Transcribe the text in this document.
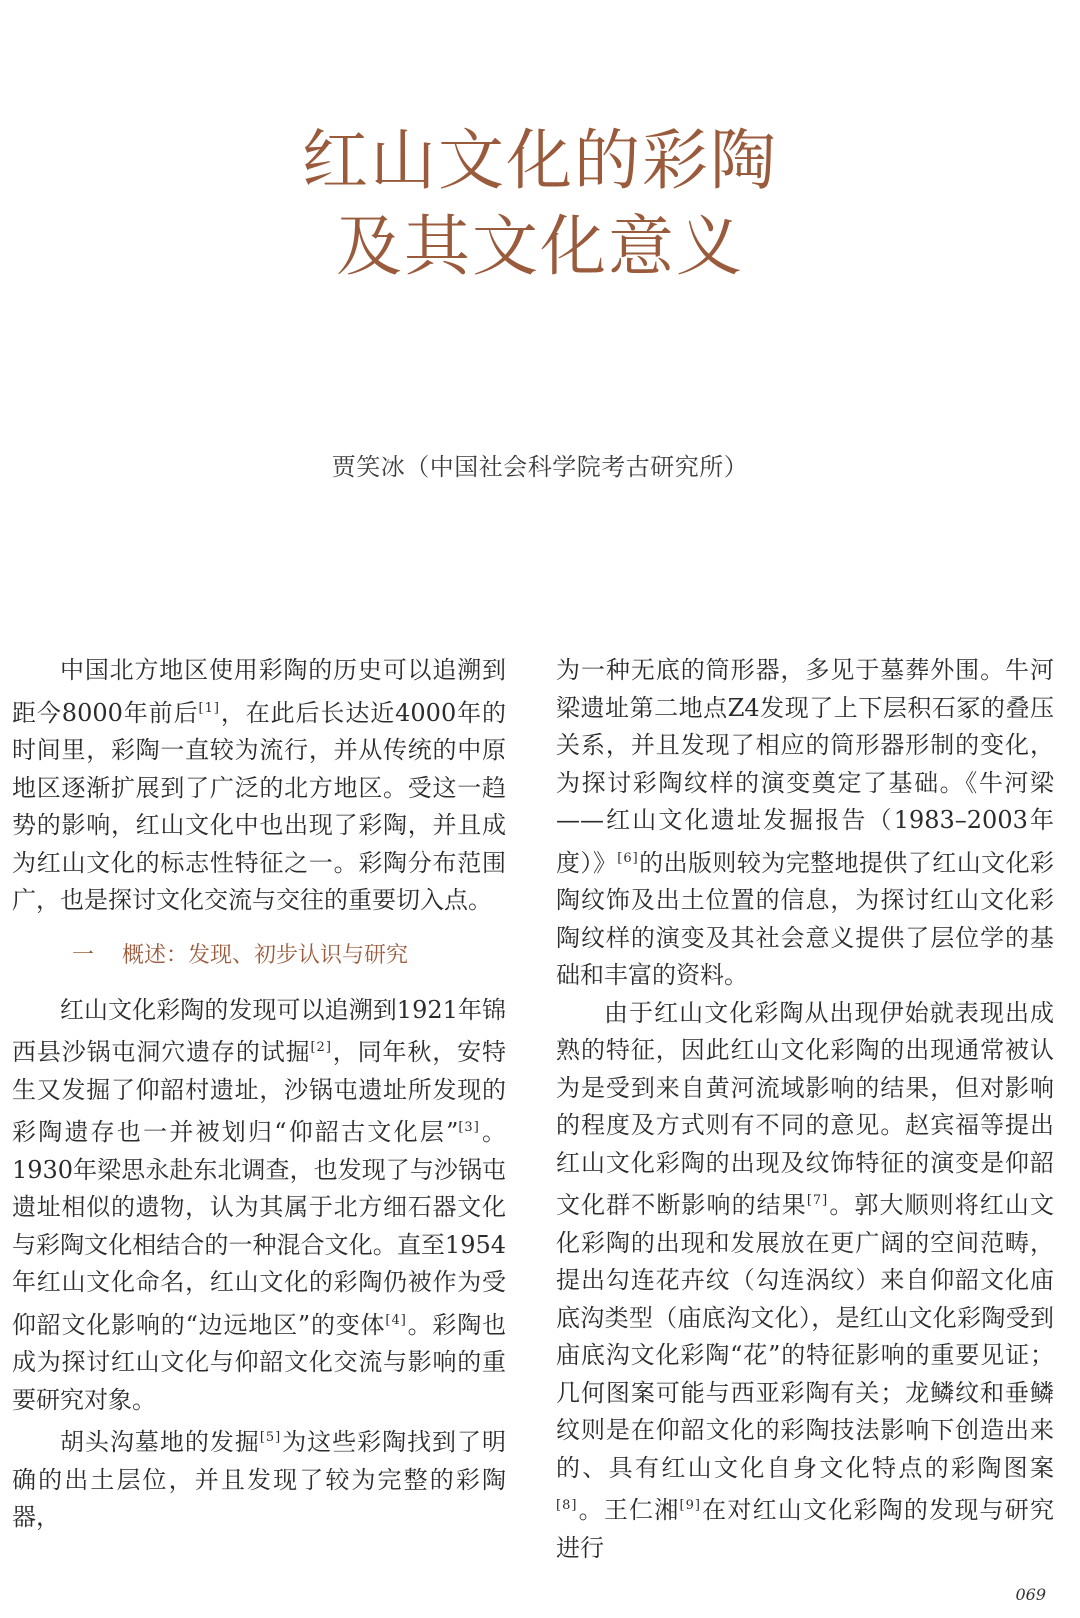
红山文化的彩陶
及其文化意义
贾笑冰（中国社会科学院考古研究所）

中国北方地区使用彩陶的历史可以追溯到距今8000年前后[1]，在此后长达近4000年的时间里，彩陶一直较为流行，并从传统的中原地区逐渐扩展到了广泛的北方地区。受这一趋势的影响，红山文化中也出现了彩陶，并且成为红山文化的标志性特征之一。彩陶分布范围广，也是探讨文化交流与交往的重要切入点。

一 概述：发现、初步认识与研究

红山文化彩陶的发现可以追溯到1921年锦西县沙锅屯洞穴遗存的试掘[2]，同年秋，安特生又发掘了仰韶村遗址，沙锅屯遗址所发现的彩陶遗存也一并被划归“仰韶古文化层”[3]。1930年梁思永赴东北调查，也发现了与沙锅屯遗址相似的遗物，认为其属于北方细石器文化与彩陶文化相结合的一种混合文化。直至1954年红山文化命名，红山文化的彩陶仍被作为受仰韶文化影响的“边远地区”的变体[4]。彩陶也成为探讨红山文化与仰韶文化交流与影响的重要研究对象。

胡头沟墓地的发掘[5]为这些彩陶找到了明确的出土层位，并且发现了较为完整的彩陶器，

为一种无底的筒形器，多见于墓葬外围。牛河梁遗址第二地点Z4发现了上下层积石冢的叠压关系，并且发现了相应的筒形器形制的变化，为探讨彩陶纹样的演变奠定了基础。《牛河梁——红山文化遗址发掘报告（1983–2003年度）》[6]的出版则较为完整地提供了红山文化彩陶纹饰及出土位置的信息，为探讨红山文化彩陶纹样的演变及其社会意义提供了层位学的基础和丰富的资料。

由于红山文化彩陶从出现伊始就表现出成熟的特征，因此红山文化彩陶的出现通常被认为是受到来自黄河流域影响的结果，但对影响的程度及方式则有不同的意见。赵宾福等提出红山文化彩陶的出现及纹饰特征的演变是仰韶文化群不断影响的结果[7]。郭大顺则将红山文化彩陶的出现和发展放在更广阔的空间范畴，提出勾连花卉纹（勾连涡纹）来自仰韶文化庙底沟类型（庙底沟文化），是红山文化彩陶受到庙底沟文化彩陶“花”的特征影响的重要见证；几何图案可能与西亚彩陶有关；龙鳞纹和垂鳞纹则是在仰韶文化的彩陶技法影响下创造出来的、具有红山文化自身文化特点的彩陶图案[8]。王仁湘[9]在对红山文化彩陶的发现与研究进行

069
